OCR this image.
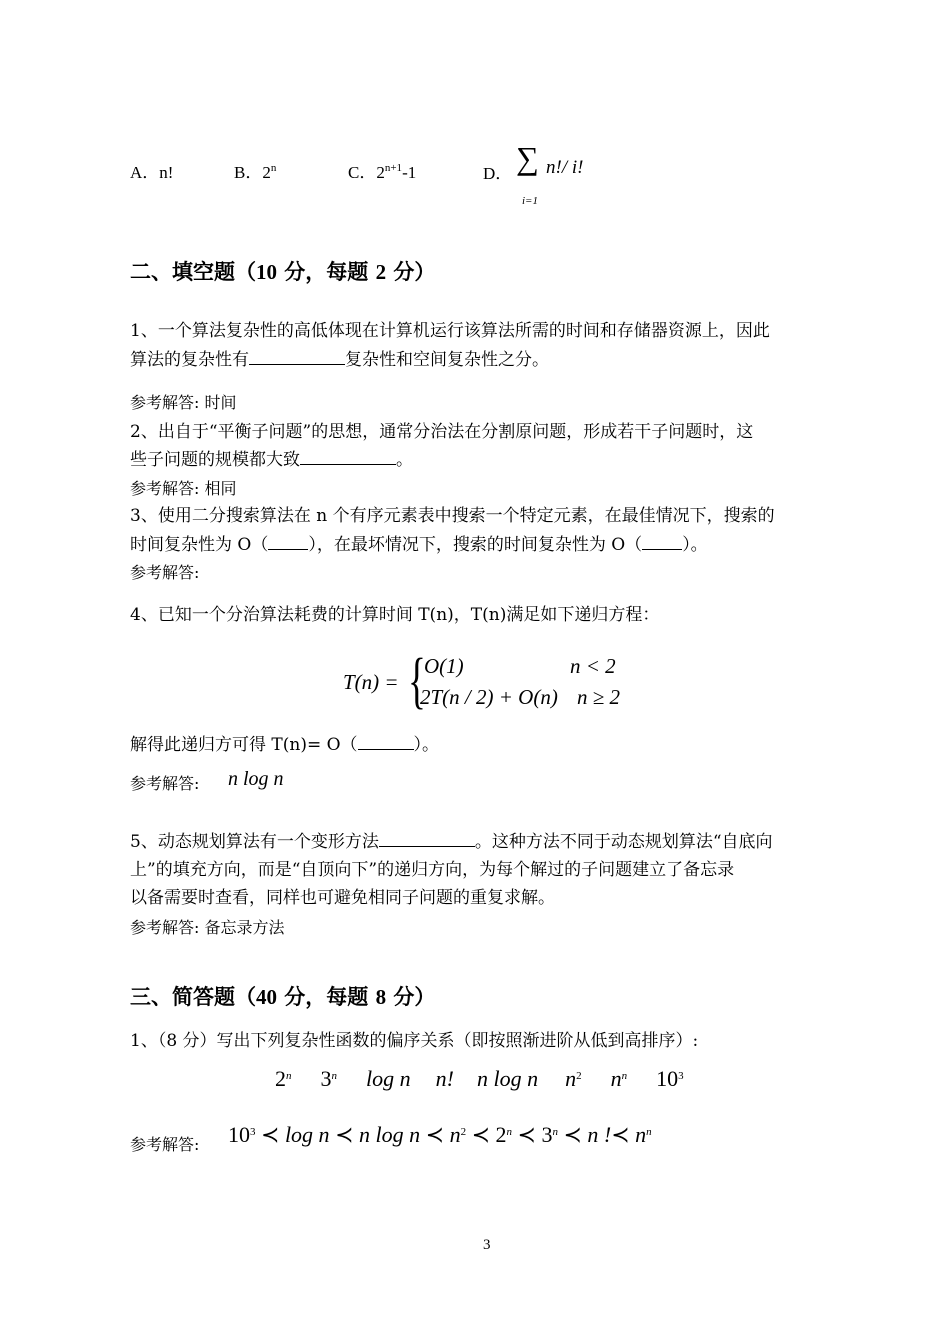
A．n!	B．2$^n$	C．$2^{n+1}-1$	D． ∑ n!/ i!
i=1
二、填空题（10 分，每题 2 分）
1、一个算法复杂性的高低体现在计算机运行该算法所需的时间和存储器资源上，因此
算法的复杂性有	复杂性和空间复杂性之分。
参考解答: 时间
2、出自于“平衡子问题”的思想，通常分治法在分割原问题，形成若干子问题时，这
些子问题的规模都大致	。
参考解答: 相同
3、使用二分搜索算法在 n 个有序元素表中搜索一个特定元素，在最佳情况下，搜索的
时间复杂性为 O（ ），在最坏情况下，搜索的时间复杂性为 O（ ）。
参考解答:
4、已知一个分治算法耗费的计算时间 T(n)，T(n)满足如下递归方程：
T(n) = {
O(1)	n < 2
2T(n / 2) + O(n) n ≥ 2
解得此递归方可得 T(n)= O（	）。
参考解答: n log n
5、动态规划算法有一个变形方法	。这种方法不同于动态规划算法“自底向
上”的填充方向，而是“自顶向下”的递归方向，为每个解过的子问题建立了备忘录
以备需要时查看，同样也可避免相同子问题的重复求解。
参考解答: 备忘录方法
三、简答题（40 分，每题 8 分）
1、（8 分）写出下列复杂性函数的偏序关系（即按照渐进阶从低到高排序）:
2$^n$ 3$^n$ log n n! n log n $n^2$ $n^n$ $10^3$
参考解答: $10^3$ ≺ log n ≺ n log n ≺ $n^2$ ≺ 2$^n$ ≺ 3$^n$ ≺ n !≺ $n^n$
3
